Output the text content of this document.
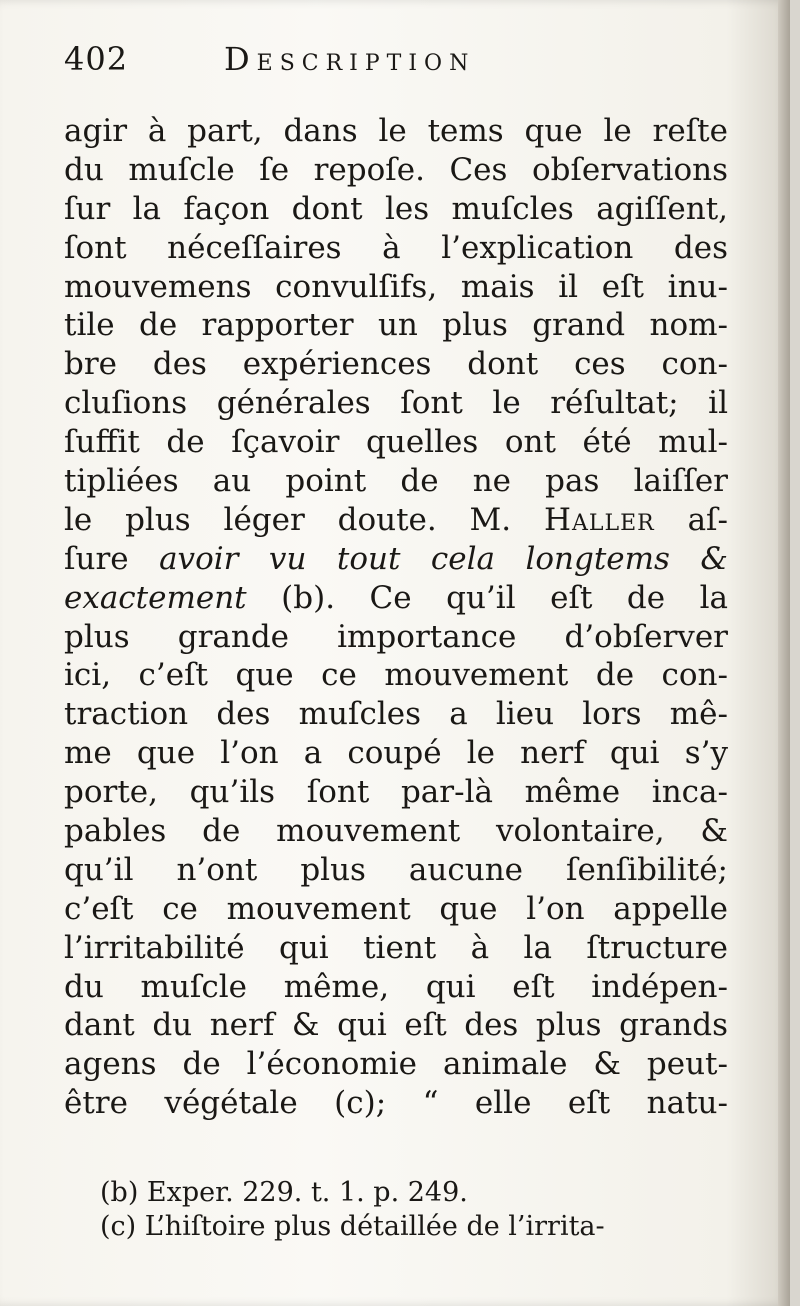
402	Description
agir à part, dans le tems que le reſte
du muſcle ſe repoſe. Ces obſervations
ſur la façon dont les muſcles agiſſent,
ſont néceſſaires à l’explication des
mouvemens convulſifs, mais il eſt inu-
tile de rapporter un plus grand nom-
bre des expériences dont ces con-
cluſions générales ſont le réſultat; il
ſuffit de ſçavoir quelles ont été mul-
tipliées au point de ne pas laiſſer
le plus léger doute. M. Haller aſ-
ſure avoir vu tout cela longtems &
exactement (b). Ce qu’il eſt de la
plus grande importance d’obſerver
ici, c’eſt que ce mouvement de con-
traction des muſcles a lieu lors mê-
me que l’on a coupé le nerf qui s’y
porte, qu’ils ſont par-là même inca-
pables de mouvement volontaire, &
qu’il n’ont plus aucune ſenſibilité;
c’eſt ce mouvement que l’on appelle
l’irritabilité qui tient à la ſtructure
du muſcle même, qui eſt indépen-
dant du nerf & qui eſt des plus grands
agens de l’économie animale & peut-
être végétale (c); “ elle eſt natu-
(b) Exper. 229. t. 1. p. 249.
(c) L’hiſtoire plus détaillée de l’irrita-
